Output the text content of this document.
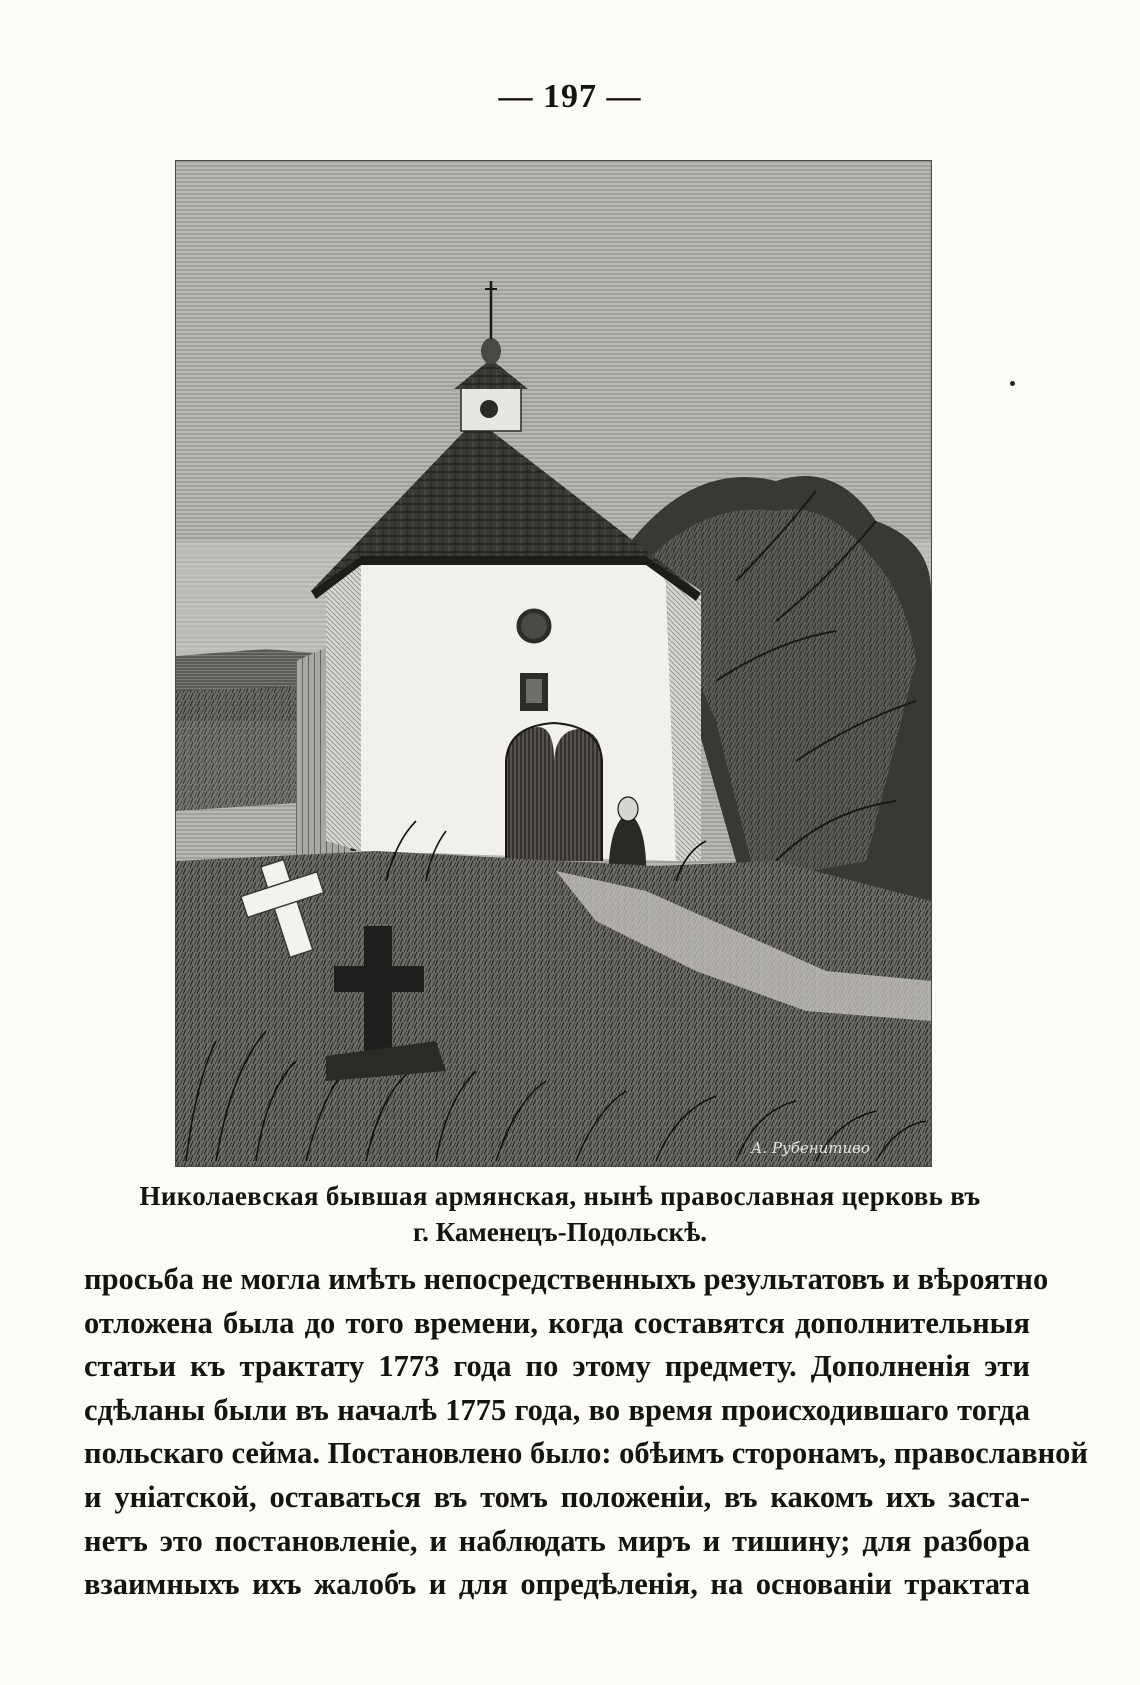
— 197 —
А. Рубенитиво
Николаевская бывшая армянская, нынѣ православная церковь въ
г. Каменецъ-Подольскѣ.
просьба не могла имѣть непосредственныхъ результатовъ и вѣроятно
отложена была до того времени, когда составятся дополнительныя
статьи къ трактату 1773 года по этому предмету. Дополненія эти
сдѣланы были въ началѣ 1775 года, во время происходившаго тогда
польскаго сейма. Постановлено было: обѣимъ сторонамъ, православной
и уніатской, оставаться въ томъ положеніи, въ какомъ ихъ заста-
нетъ это постановленіе, и наблюдать миръ и тишину; для разбора
взаимныхъ ихъ жалобъ и для опредѣленія, на основаніи трактата
